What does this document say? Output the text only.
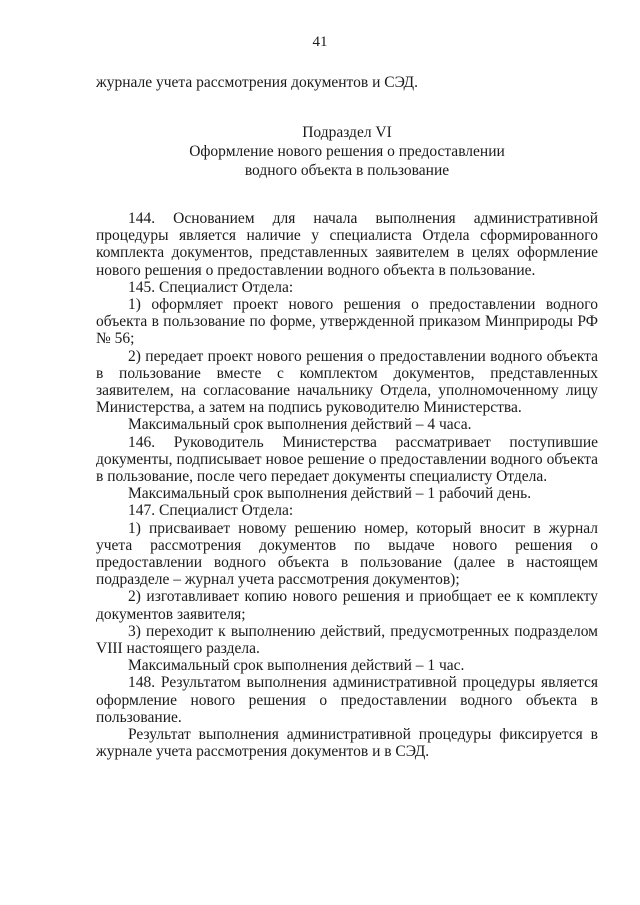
41
журнале учета рассмотрения документов и СЭД.
Подраздел VI
Оформление нового решения о предоставлении
водного объекта в пользование

144. Основанием для начала выполнения административной процедуры является наличие у специалиста Отдела сформированного комплекта документов, представленных заявителем в целях оформление нового решения о предоставлении водного объекта в пользование.

145. Специалист Отдела:

1) оформляет проект нового решения о предоставлении водного объекта в пользование по форме, утвержденной приказом Минприроды РФ № 56;

2) передает проект нового решения о предоставлении водного объекта в пользование вместе с комплектом документов, представленных заявителем, на согласование начальнику Отдела, уполномоченному лицу Министерства, а затем на подпись руководителю Министерства.

Максимальный срок выполнения действий – 4 часа.

146. Руководитель Министерства рассматривает поступившие документы, подписывает новое решение о предоставлении водного объекта в пользование, после чего передает документы специалисту Отдела.

Максимальный срок выполнения действий – 1 рабочий день.

147. Специалист Отдела:

1) присваивает новому решению номер, который вносит в журнал учета рассмотрения документов по выдаче нового решения о предоставлении водного объекта в пользование (далее в настоящем подразделе – журнал учета рассмотрения документов);

2) изготавливает копию нового решения и приобщает ее к комплекту документов заявителя;

3) переходит к выполнению действий, предусмотренных подразделом VIII настоящего раздела.

Максимальный срок выполнения действий – 1 час.

148. Результатом выполнения административной процедуры является оформление нового решения о предоставлении водного объекта в пользование.

Результат выполнения административной процедуры фиксируется в журнале учета рассмотрения документов и в СЭД.
